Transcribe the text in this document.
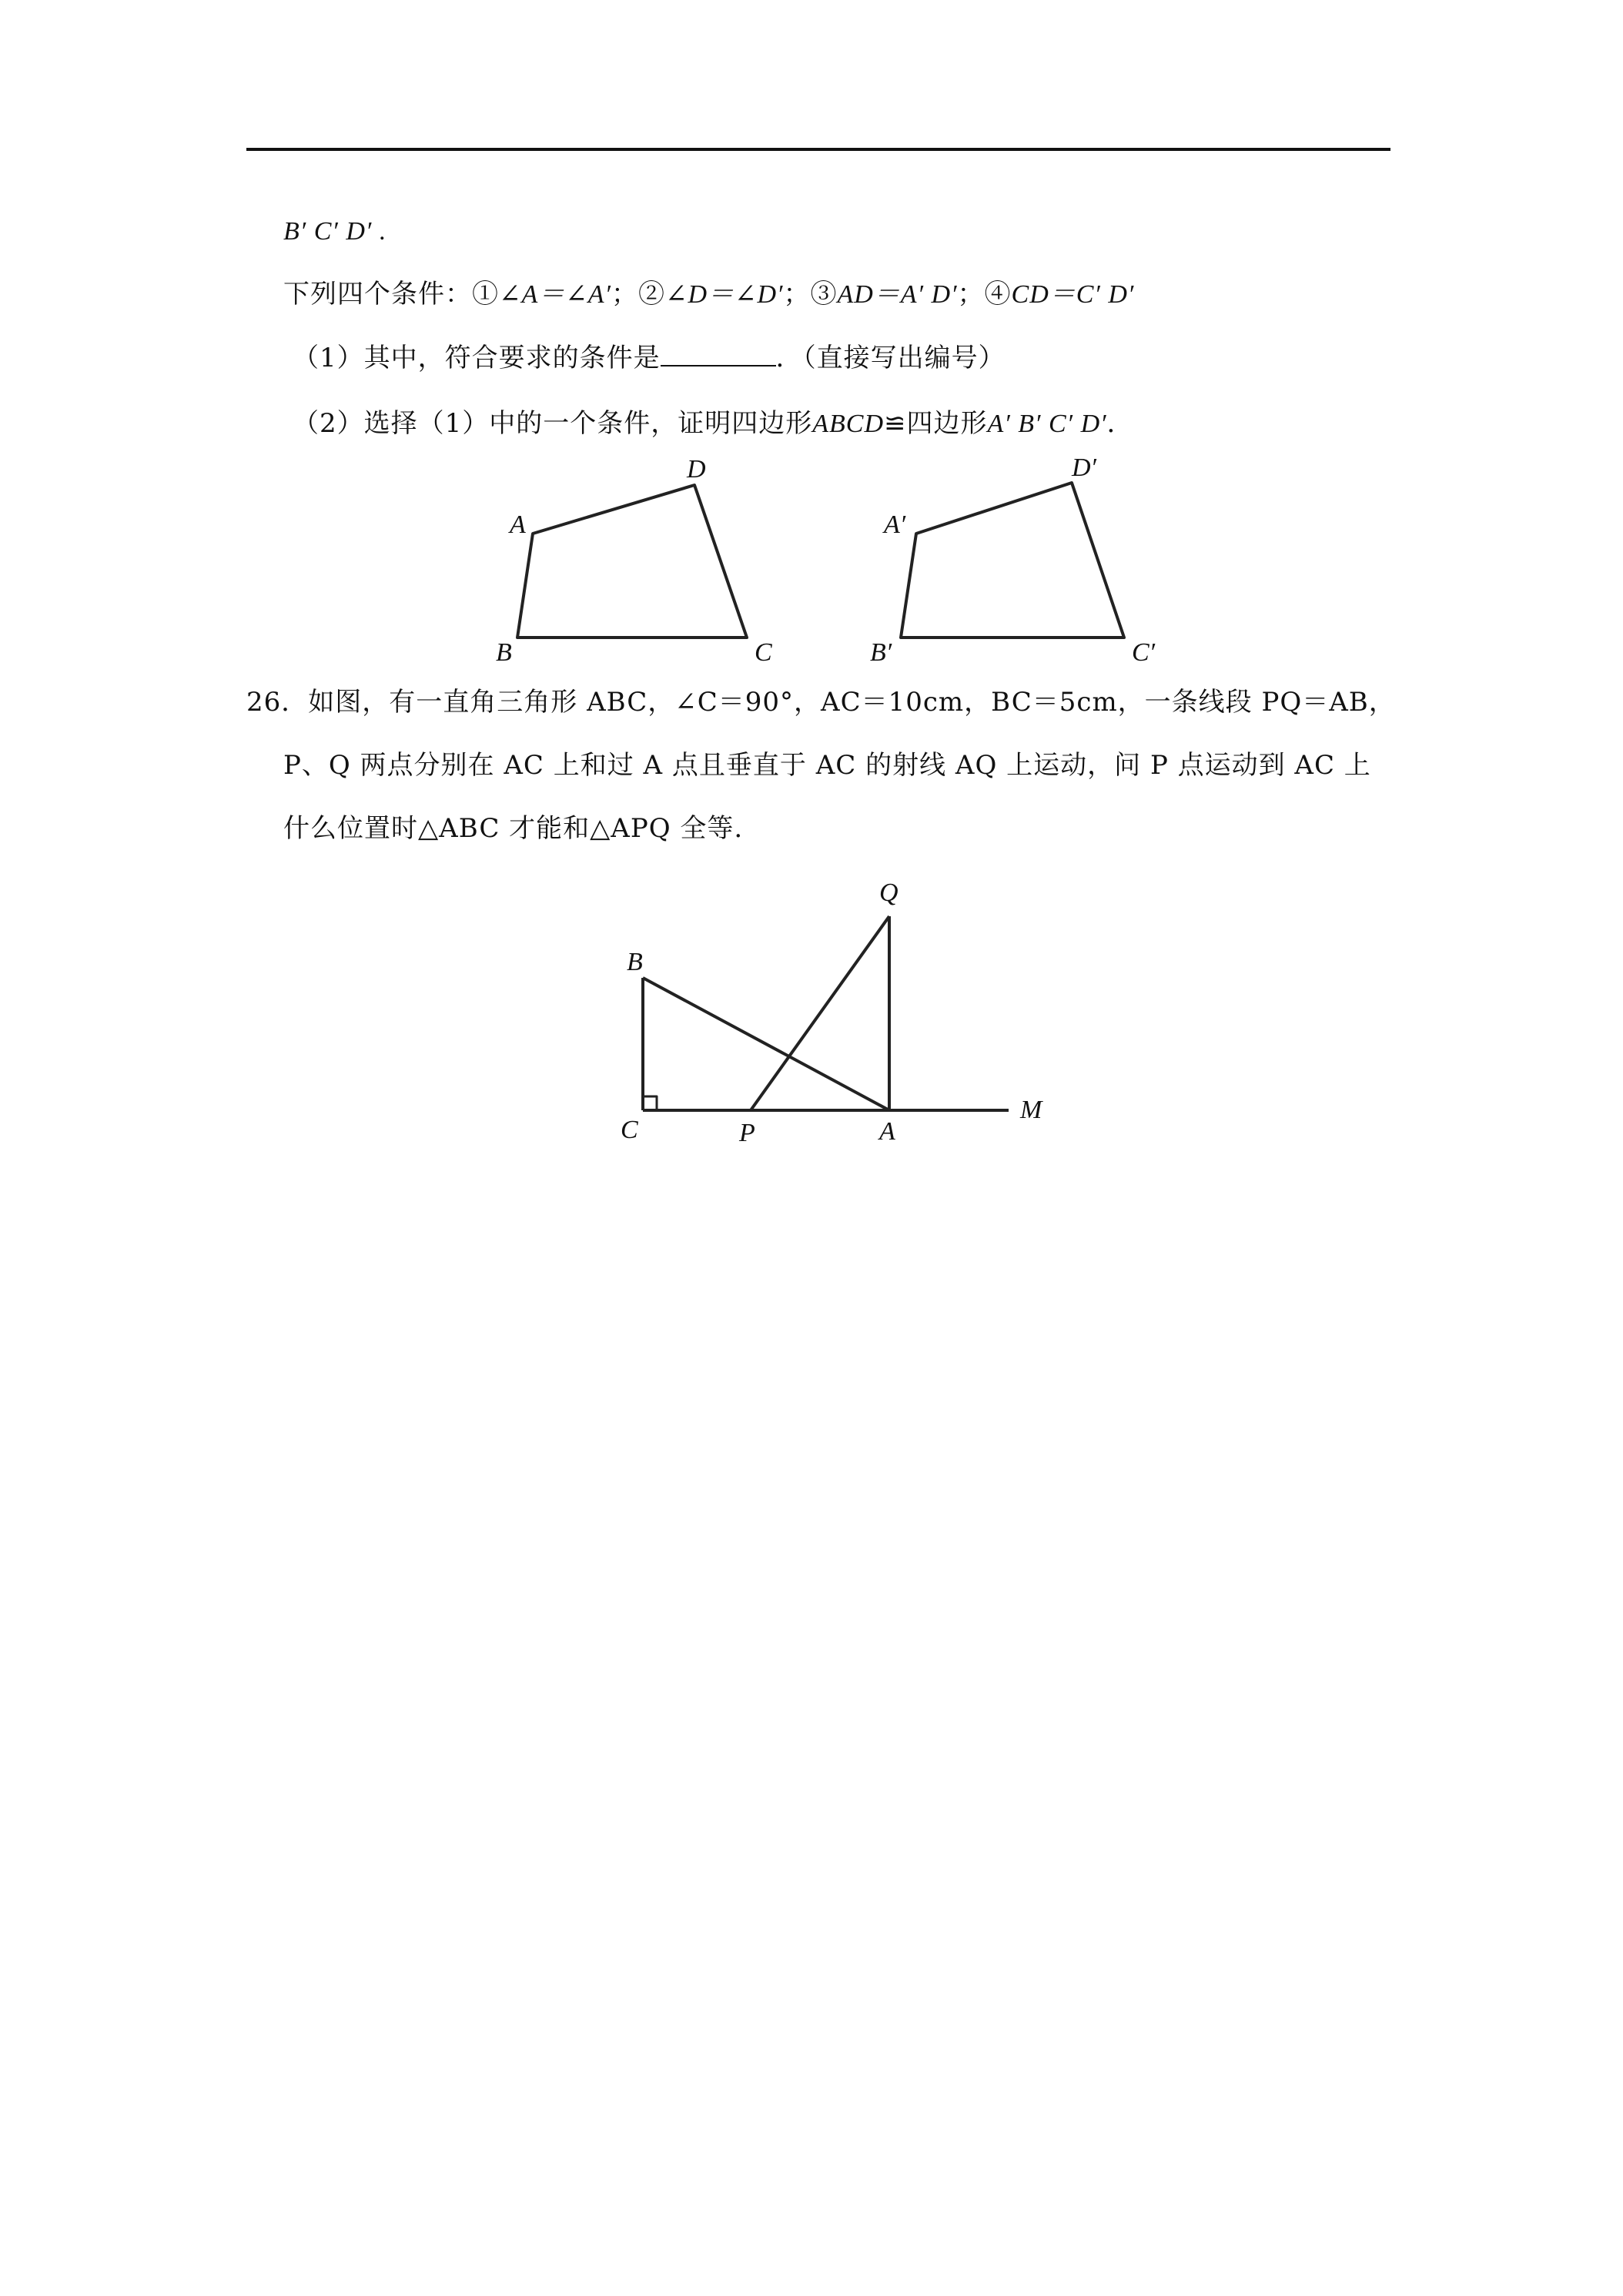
B′ C′ D′ .
下列四个条件：①∠A＝∠A′；②∠D＝∠D′；③AD＝A′ D′；④CD＝C′ D′
（1）其中，符合要求的条件是	．（直接写出编号）
（2）选择（1）中的一个条件，证明四边形ABCD≌四边形A′ B′ C′ D′．
A
D
B	C
A′
D′
B′	C′
26．如图，有一直角三角形 ABC，∠C＝90°，AC＝10cm，BC＝5cm，一条线段 PQ＝AB，
P、Q 两点分别在 AC 上和过 A 点且垂直于 AC 的射线 AQ 上运动，问 P 点运动到 AC 上
什么位置时△ABC 才能和△APQ 全等.
B
C	P	A
M
Q
